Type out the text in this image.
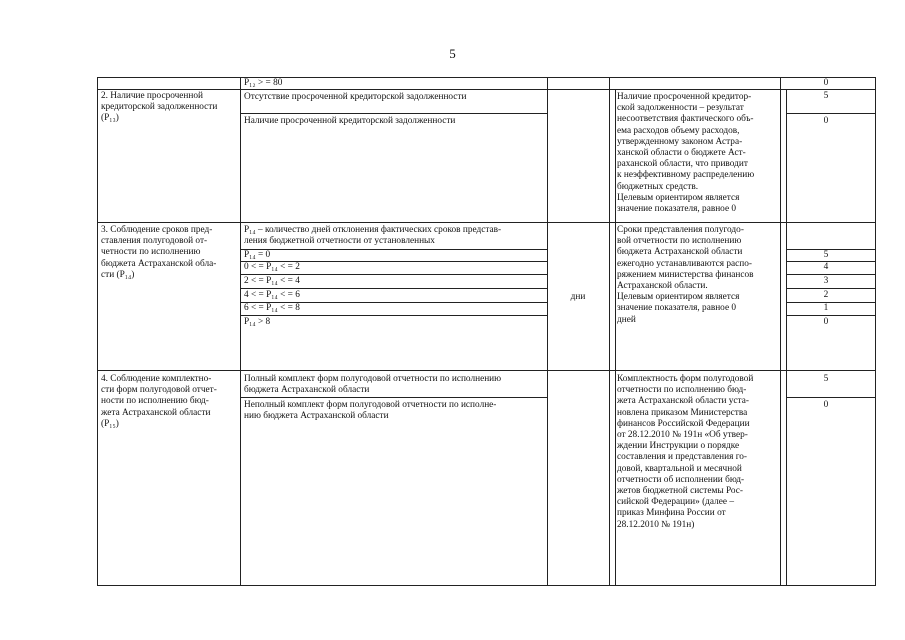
5
P₁₂ > = 80	0
2. Наличие просроченной кредиторской задолженности (P₁₃)
Отсутствие просроченной кредиторской задолженности
Наличие просроченной кредиторской задолженности
Наличие просроченной кредитор-
ской задолженности – результат
несоответствия фактического объ-
ема расходов объему расходов,
утвержденному законом Астра-
ханской области о бюджете Аст-
раханской области, что приводит
к неэффективному распределению
бюджетных средств.
Целевым ориентиром является
значение показателя, равное 0
5
0
3. Соблюдение сроков пред-
ставления полугодовой от-
четности по исполнению
бюджета Астраханской обла-
сти (P₁₄)
P₁₄ – количество дней отклонения фактических сроков представ-
ления бюджетной отчетности от установленных
P₁₄ = 0
0 < = P₁₄ < = 2
2 < = P₁₄ < = 4
4 < = P₁₄ < = 6
6 < = P₁₄ < = 8
P₁₄ > 8
дни
Сроки представления полугодо-
вой отчетности по исполнению
бюджета Астраханской области
ежегодно устанавливаются распо-
ряжением министерства финансов
Астраханской области.
Целевым ориентиром является
значение показателя, равное 0
дней
5
4
3
2
1
0
4. Соблюдение комплектно-
сти форм полугодовой отчет-
ности по исполнению бюд-
жета Астраханской области
(P₁₅)
Полный комплект форм полугодовой отчетности по исполнению
бюджета Астраханской области
Неполный комплект форм полугодовой отчетности по исполне-
нию бюджета Астраханской области
Комплектность форм полугодовой
отчетности по исполнению бюд-
жета Астраханской области уста-
новлена приказом Министерства
финансов Российской Федерации
от 28.12.2010 № 191н «Об утвер-
ждении Инструкции о порядке
составления и представления го-
довой, квартальной и месячной
отчетности об исполнении бюд-
жетов бюджетной системы Рос-
сийской Федерации» (далее –
приказ Минфина России от
28.12.2010 № 191н)
5
0
